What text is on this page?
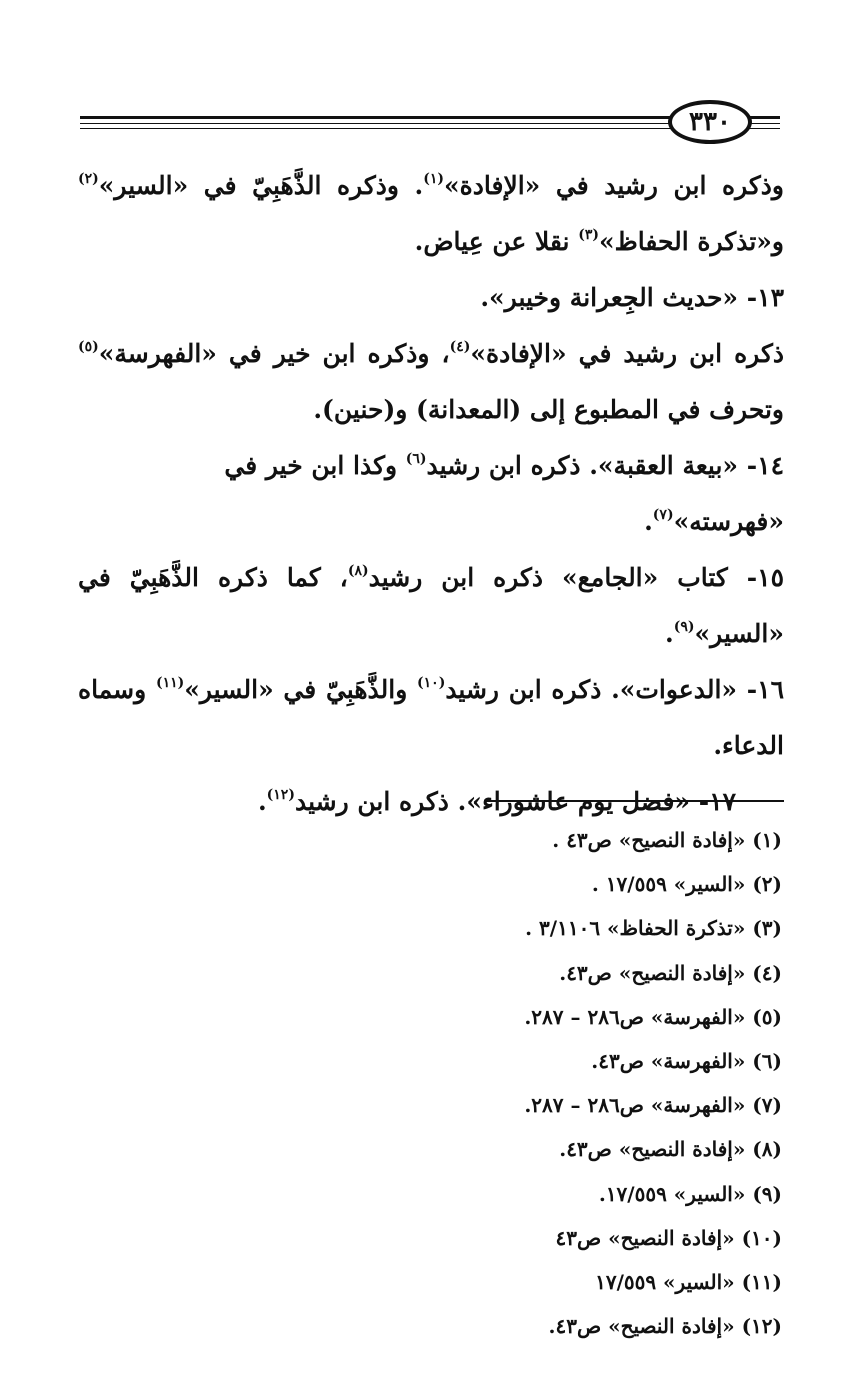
٣٣٠

وذكره ابن رشيد في «الإفادة»$^{(١)}$. وذكره الذَّهَبِيّ في «السير»$^{(٢)}$ و«تذكرة الحفاظ»$^{(٣)}$ نقلا عن عِياض.

١٣- «حديث الجِعرانة وخيبر».

ذكره ابن رشيد في «الإفادة»$^{(٤)}$، وذكره ابن خير في «الفهرسة»$^{(٥)}$ وتحرف في المطبوع إلى (المعدانة) و(حنين).

١٤- «بيعة العقبة». ذكره ابن رشيد$^{(٦)}$ وكذا ابن خير في «فهرسته»$^{(٧)}$.

١٥- كتاب «الجامع» ذكره ابن رشيد$^{(٨)}$، كما ذكره الذَّهَبِيّ في «السير»$^{(٩)}$.

١٦- «الدعوات». ذكره ابن رشيد$^{(١٠)}$ والذَّهَبِيّ في «السير»$^{(١١)}$ وسماه الدعاء.

١٧- «فضل يوم عاشوراء». ذكره ابن رشيد$^{(١٢)}$.

(١) «إفادة النصيح» ص٤٣ .

(٢) «السير» ١٧/٥٥٩ .

(٣) «تذكرة الحفاظ» ٣/١١٠٦ .

(٤) «إفادة النصيح» ص٤٣.

(٥) «الفهرسة» ص٢٨٦ – ٢٨٧.

(٦) «الفهرسة» ص٤٣.

(٧) «الفهرسة» ص٢٨٦ – ٢٨٧.

(٨) «إفادة النصيح» ص٤٣.

(٩) «السير» ١٧/٥٥٩.

(١٠) «إفادة النصيح» ص٤٣

(١١) «السير» ١٧/٥٥٩

(١٢) «إفادة النصيح» ص٤٣.
